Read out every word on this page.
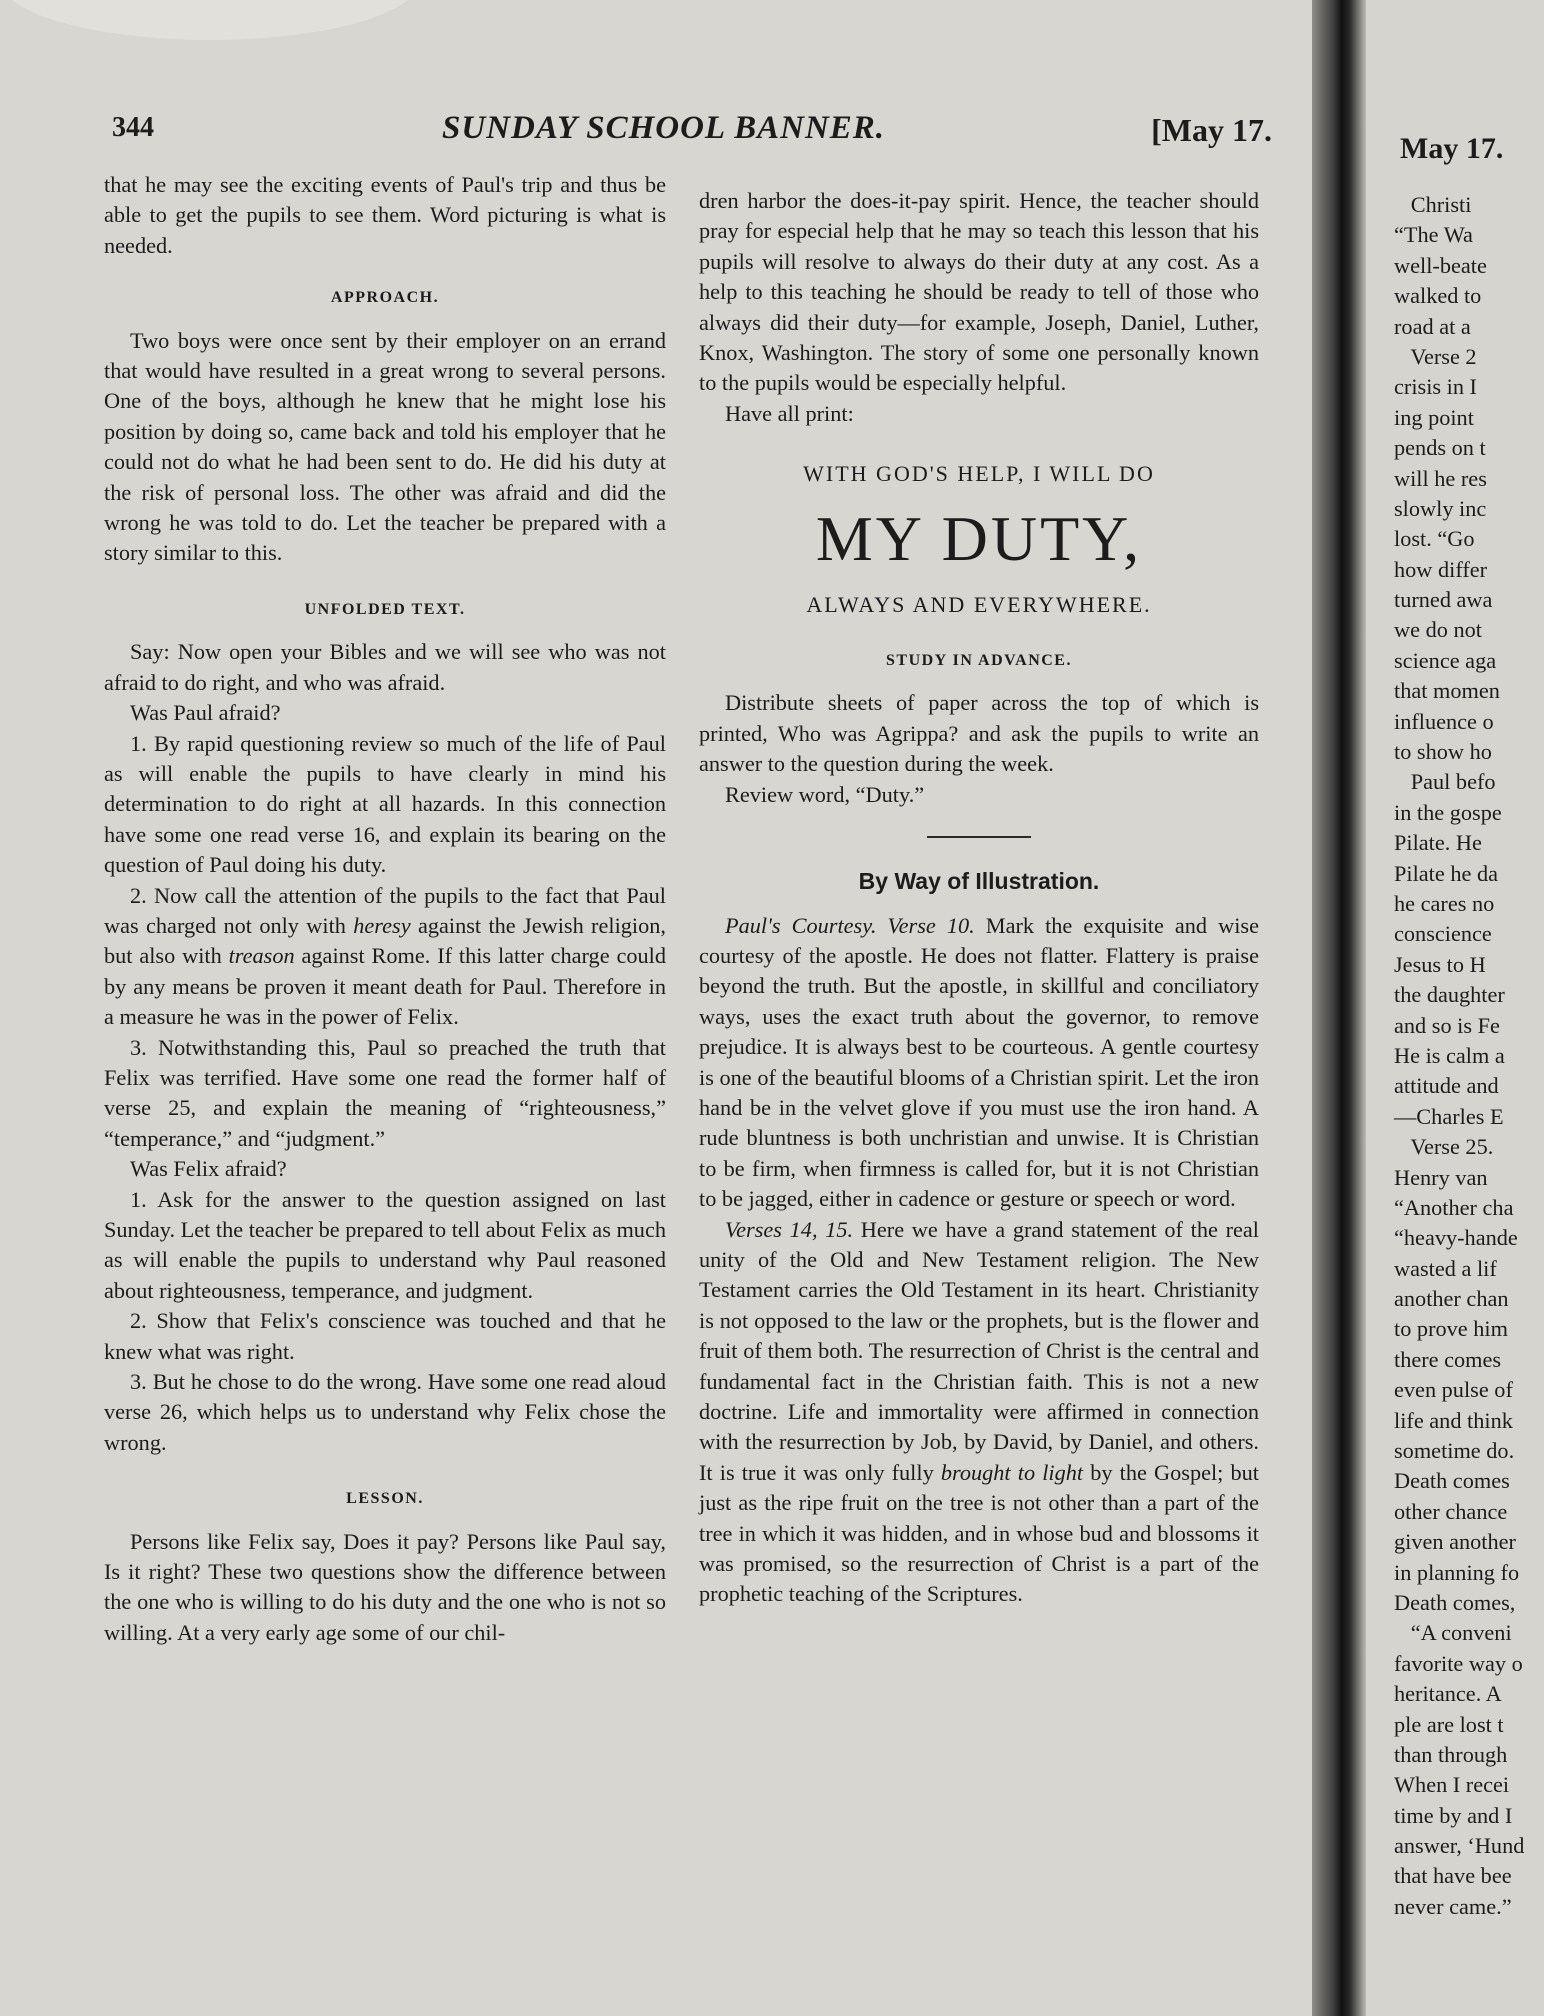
344	SUNDAY SCHOOL BANNER.	[May 17.

that he may see the exciting events of Paul's trip and thus be able to get the pupils to see them. Word picturing is what is needed.

APPROACH.

Two boys were once sent by their employer on an errand that would have resulted in a great wrong to several persons. One of the boys, although he knew that he might lose his position by doing so, came back and told his employer that he could not do what he had been sent to do. He did his duty at the risk of personal loss. The other was afraid and did the wrong he was told to do. Let the teacher be prepared with a story similar to this.

UNFOLDED TEXT.

Say: Now open your Bibles and we will see who was not afraid to do right, and who was afraid.

Was Paul afraid?

1. By rapid questioning review so much of the life of Paul as will enable the pupils to have clearly in mind his determination to do right at all hazards. In this connection have some one read verse 16, and explain its bearing on the question of Paul doing his duty.

2. Now call the attention of the pupils to the fact that Paul was charged not only with heresy against the Jewish religion, but also with treason against Rome. If this latter charge could by any means be proven it meant death for Paul. Therefore in a measure he was in the power of Felix.

3. Notwithstanding this, Paul so preached the truth that Felix was terrified. Have some one read the former half of verse 25, and explain the meaning of “righteousness,” “temperance,” and “judgment.”

Was Felix afraid?

1. Ask for the answer to the question assigned on last Sunday. Let the teacher be prepared to tell about Felix as much as will enable the pupils to understand why Paul reasoned about righteousness, temperance, and judgment.

2. Show that Felix's conscience was touched and that he knew what was right.

3. But he chose to do the wrong. Have some one read aloud verse 26, which helps us to understand why Felix chose the wrong.

LESSON.

Persons like Felix say, Does it pay? Persons like Paul say, Is it right? These two questions show the difference between the one who is willing to do his duty and the one who is not so willing. At a very early age some of our chil-

dren harbor the does-it-pay spirit. Hence, the teacher should pray for especial help that he may so teach this lesson that his pupils will resolve to always do their duty at any cost. As a help to this teaching he should be ready to tell of those who always did their duty—for example, Joseph, Daniel, Luther, Knox, Washington. The story of some one personally known to the pupils would be especially helpful.

Have all print:

WITH GOD'S HELP, I WILL DO
MY DUTY,
ALWAYS AND EVERYWHERE.
STUDY IN ADVANCE.

Distribute sheets of paper across the top of which is printed, Who was Agrippa? and ask the pupils to write an answer to the question during the week.

Review word, “Duty.”

By Way of Illustration.

Paul's Courtesy. Verse 10. Mark the exquisite and wise courtesy of the apostle. He does not flatter. Flattery is praise beyond the truth. But the apostle, in skillful and conciliatory ways, uses the exact truth about the governor, to remove prejudice. It is always best to be courteous. A gentle courtesy is one of the beautiful blooms of a Christian spirit. Let the iron hand be in the velvet glove if you must use the iron hand. A rude bluntness is both unchristian and unwise. It is Christian to be firm, when firmness is called for, but it is not Christian to be jagged, either in cadence or gesture or speech or word.

Verses 14, 15. Here we have a grand statement of the real unity of the Old and New Testament religion. The New Testament carries the Old Testament in its heart. Christianity is not opposed to the law or the prophets, but is the flower and fruit of them both. The resurrection of Christ is the central and fundamental fact in the Christian faith. This is not a new doctrine. Life and immortality were affirmed in connection with the resurrection by Job, by David, by Daniel, and others. It is true it was only fully brought to light by the Gospel; but just as the ripe fruit on the tree is not other than a part of the tree in which it was hidden, and in whose bud and blossoms it was promised, so the resurrection of Christ is a part of the prophetic teaching of the Scriptures.

May 17.
Christi
“The Wa
well-beate
walked to
road at a
Verse 2
crisis in I
ing point
pends on t
will he res
slowly inc
lost. “Go
how differ
turned awa
we do not
science aga
that momen
influence o
to show ho
Paul befo
in the gospe
Pilate. He
Pilate he da
he cares no
conscience
Jesus to H
the daughter
and so is Fe
He is calm a
attitude and
—Charles E
Verse 25.
Henry van
“Another cha
“heavy-hande
wasted a lif
another chan
to prove him
there comes
even pulse of
life and think
sometime do.
Death comes
other chance
given another
in planning fo
Death comes,
“A conveni
favorite way o
heritance. A
ple are lost t
than through
When I recei
time by and I
answer, ‘Hund
that have bee
never came.”
